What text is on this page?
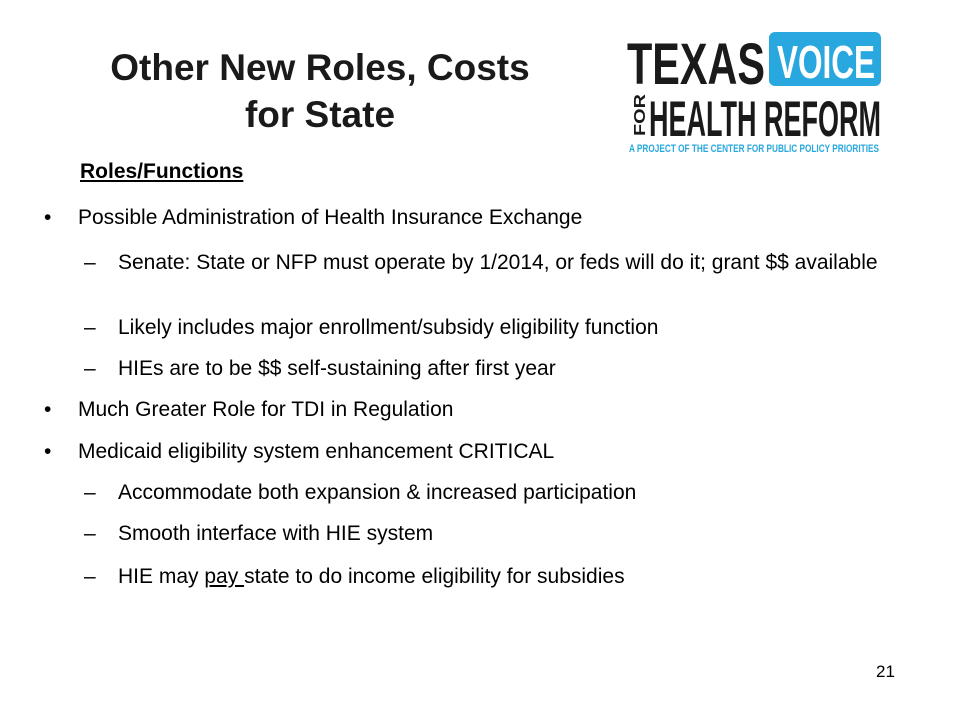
Other New Roles, Costs
for State
TEXAS VOICE
FOR HEALTH REFORM
A PROJECT OF THE CENTER FOR PUBLIC POLICY PRIORITIES
Roles/Functions
• Possible Administration of Health Insurance Exchange
– Senate: State or NFP must operate by 1/2014, or feds will do it; grant $$ available
– Likely includes major enrollment/subsidy eligibility function
– HIEs are to be $$ self-sustaining after first year
• Much Greater Role for TDI in Regulation
• Medicaid eligibility system enhancement CRITICAL
– Accommodate both expansion & increased participation
– Smooth interface with HIE system
– HIE may pay state to do income eligibility for subsidies
21
